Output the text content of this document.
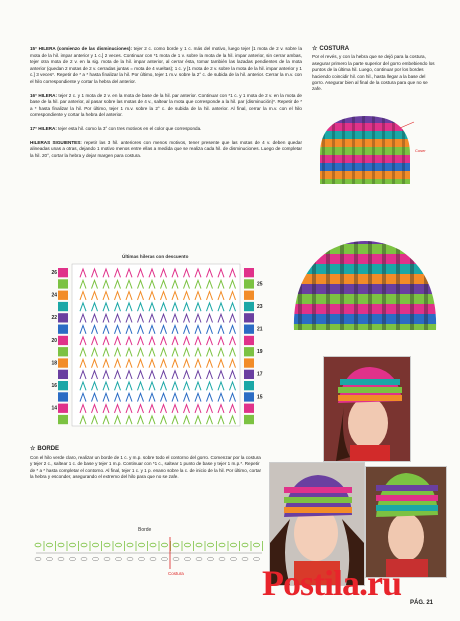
15° HILERA (comienzo de las disminuciones): tejer 2 c. como borde y 1 c. más del motivo, luego tejer [1 mota de 2 v. sobre la mota de la hil. impar anterior y 1 c.] 2 veces. Continuar con *1 mota de 1 v. sobre la mota de la hil. impar anterior, sin cerrar ambas, tejer otra mota de 2 v. en la sig. mota de la hil. impar anterior, al cerrar ésta, tomar también las lazadas pendientes de la mota anterior (quedan 2 motas de 2 v. cerradas juntas = mota de 4 vueltas); 1 c. y [1 mota de 2 v. sobre la mota de la hil. impar anterior y 1 c.] 3 veces*. Repetir de * a * hasta finalizar la hil. Por último, tejer 1 m.v. sobre la 2° c. de subida de la hil. anterior. Cerrar la m.v. con el hilo correspondiente y cortar la hebra del anterior.

16° HILERA: tejer 2 c. y 1 mota de 2 v. en la mota de base de la hil. par anterior. Continuar con *1 c. y 1 mota de 2 v. en la mota de base de la hil. par anterior, al pasar sobre las motas de 4 v., saltear la mota que corresponde a la hil. par (disminución)*. Repetir de * a * hasta finalizar la hil. Por último, tejer 1 m.v. sobre la 2° c. de subida de la hil. anterior. Al final, cerrar la m.v. con el hilo correspondiente y cortar la hebra del anterior.

17° HILERA: tejer esta hil. como la 3° con tres motivos en el color que corresponda.

HILERAS SIGUIENTES: repetir las 3 hil. anteriores con menos motivos, tener presente que las motas de 4 v. deben quedar alineadas unas a otras, dejando 1 motivo menos entre ellas a medida que se realiza cada hil. de disminuciones. Luego de completar la hil. 20°, cortar la hebra y dejar margen para costura.

☆ COSTURA
Por el revés, y con la hebra que se dejó para la costura, asegurar primero la parte superior del gorro embebiendo los puntos de la última hil. Luego, continuar por los bordes haciendo coincidir hil. con hil., hasta llegar a la base del gorro. Asegurar bien al final de la costura para que no se zafe.
Coser
Últimas hileras con descuento
26
24
22
20
18
16
14
25
23
21
19
17
15
☆ BORDE
Con el hilo verde claro, realizar un borde de 1 c. y m.p. sobre todo el contorno del gorro. Comenzar por la costura y tejer 2 c., saltear 1 c. de base y tejer 1 m.p. Continuar con *1 c., saltear 1 punto de base y tejer 1 m.p.*. Repetir de * a * hasta completar el contorno. Al final, tejer 1 c. y 1 p. enano sobre la c. de inicio de la hil. Por último, cortar la hebra y esconder, asegurando el extremo del hilo para que no se zafe.
Borde
Costura Postila.ru PÁG. 21
